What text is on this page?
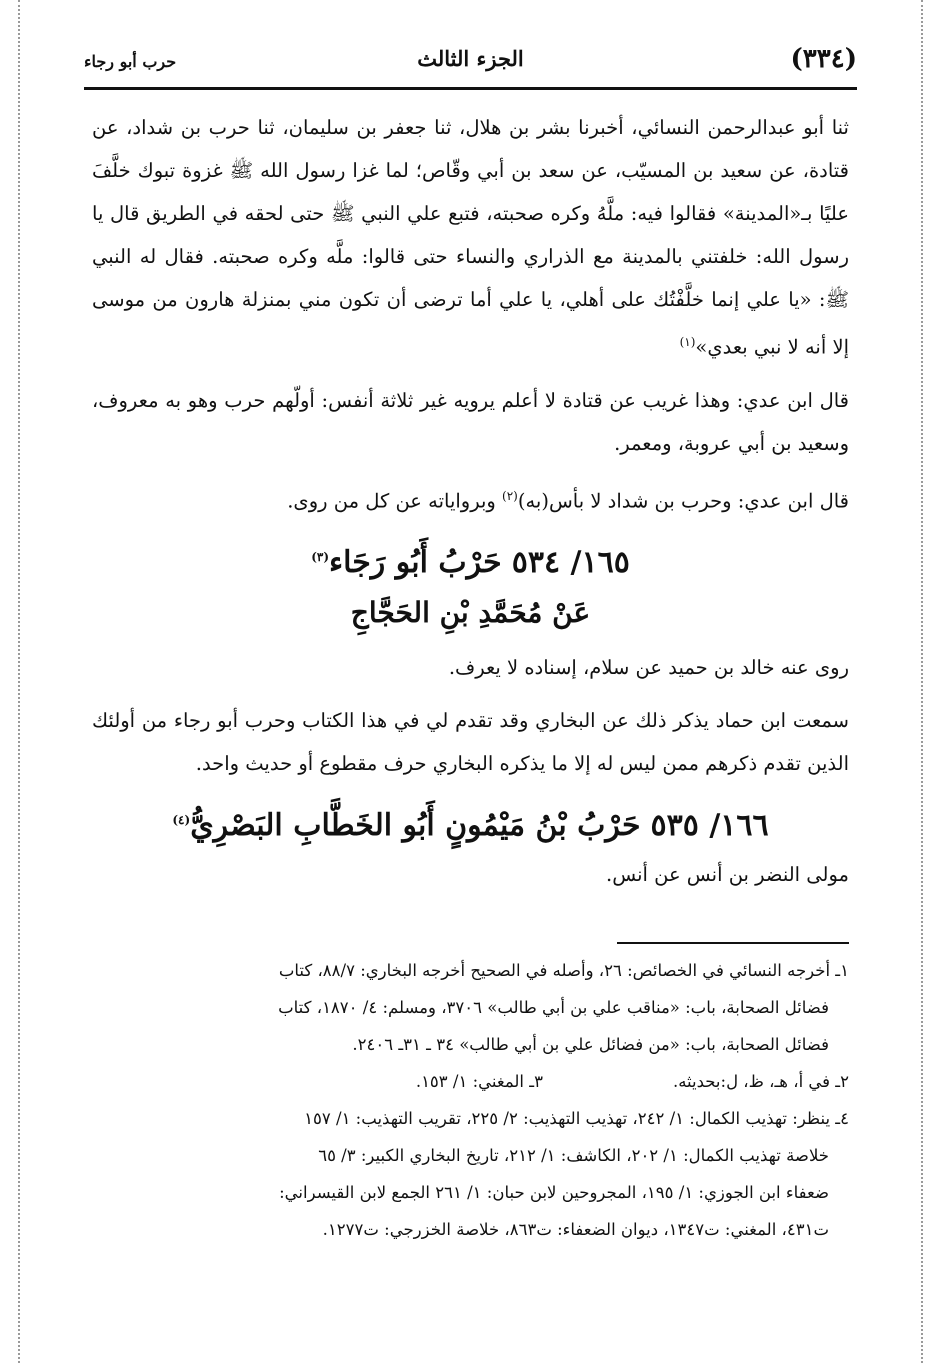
(٣٣٤)
الجزء الثالث
حرب أبو رجاء

ثنا أبو عبدالرحمن النسائي، أخبرنا بشر بن هلال، ثنا جعفر بن سليمان، ثنا حرب بن شداد، عن قتادة، عن سعيد بن المسيّب، عن سعد بن أبي وقّاص؛ لما غزا رسول الله ﷺ غزوة تبوك خلَّفَ عليًا بـ«المدينة» فقالوا فيه: ملَّهُ وكره صحبته، فتبع علي النبي ﷺ حتى لحقه في الطريق قال يا رسول الله: خلفتني بالمدينة مع الذراري والنساء حتى قالوا: ملَّه وكره صحبته. فقال له النبي ﷺ: «يا علي إنما خلَّفْتُك على أهلي، يا علي أما ترضى أن تكون مني بمنزلة هارون من موسى إلا أنه لا نبي بعدي»$^{(١)}$

قال ابن عدي: وهذا غريب عن قتادة لا أعلم يرويه غير ثلاثة أنفس: أولّهم حرب وهو به معروف، وسعيد بن أبي عروبة، ومعمر.

قال ابن عدي: وحرب بن شداد لا بأس(به)$^{(٢)}$ وبرواياته عن كل من روى.

١٦٥/ ٥٣٤حَرْبُ أَبُو رَجَاء$^{(٣)}$
عَنْ مُحَمَّدِ بْنِ الحَجَّاجِ

روى عنه خالد بن حميد عن سلام، إسناده لا يعرف.

سمعت ابن حماد يذكر ذلك عن البخاري وقد تقدم لي في هذا الكتاب وحرب أبو رجاء من أولئك الذين تقدم ذكرهم ممن ليس له إلا ما يذكره البخاري حرف مقطوع أو حديث واحد.

١٦٦/ ٥٣٥حَرْبُ بْنُ مَيْمُونٍ أَبُو الخَطَّابِ البَصْرِيُّ$^{(٤)}$

مولى النضر بن أنس عن أنس.

١ـ أخرجه النسائي في الخصائص: ٢٦، وأصله في الصحيح أخرجه البخاري: ٨٨/٧، كتاب

فضائل الصحابة، باب: «مناقب علي بن أبي طالب» ٣٧٠٦، ومسلم: ٤/ ١٨٧٠، كتاب

فضائل الصحابة، باب: «من فضائل علي بن أبي طالب» ٣٤ ـ ٣١ـ ٢٤٠٦.

٢ـ في أ، هـ، ظ، ل:بحديثه.
٣ـ المغني: ١/ ١٥٣.

٤ـ ينظر: تهذيب الكمال: ١/ ٢٤٢، تهذيب التهذيب: ٢/ ٢٢٥، تقريب التهذيب: ١/ ١٥٧

خلاصة تهذيب الكمال: ١/ ٢٠٢، الكاشف: ١/ ٢١٢، تاريخ البخاري الكبير: ٣/ ٦٥

ضعفاء ابن الجوزي: ١/ ١٩٥، المجروحين لابن حبان: ١/ ٢٦١ الجمع لابن القيسراني:

ت٤٣١، المغني: ت١٣٤٧، ديوان الضعفاء: ت٨٦٣، خلاصة الخزرجي: ت١٢٧٧.
